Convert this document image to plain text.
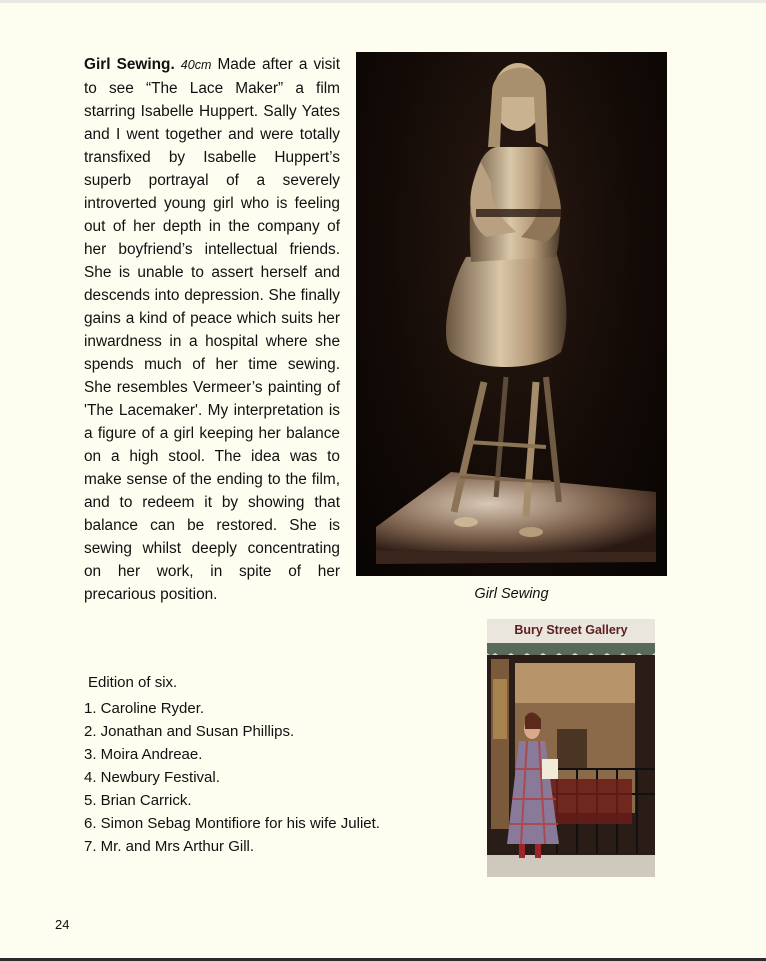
Girl Sewing. 40cm Made after a visit to see “The Lace Maker” a film starring Isabelle Huppert. Sally Yates and I went together and were totally transfixed by Isabelle Huppert’s superb portrayal of a severely introverted young girl who is feeling out of her depth in the company of her boyfriend’s intellectual friends. She is unable to assert herself and descends into depression. She finally gains a kind of peace which suits her inwardness in a hospital where she spends much of her time sewing. She resembles Vermeer’s painting of 'The Lacemaker'. My interpretation is a figure of a girl keeping her balance on a high stool. The idea was to make sense of the ending to the film, and to redeem it by showing that balance can be restored. She is sewing whilst deeply concentrating on her work, in spite of her precarious position.	Girl Sewing
Edition of six.
1. Caroline Ryder.
2. Jonathan and Susan Phillips.
3. Moira Andreae.
4. Newbury Festival.
5. Brian Carrick.
6. Simon Sebag Montifiore for his wife Juliet.
7. Mr. and Mrs Arthur Gill.
Bury Street Gallery
24
